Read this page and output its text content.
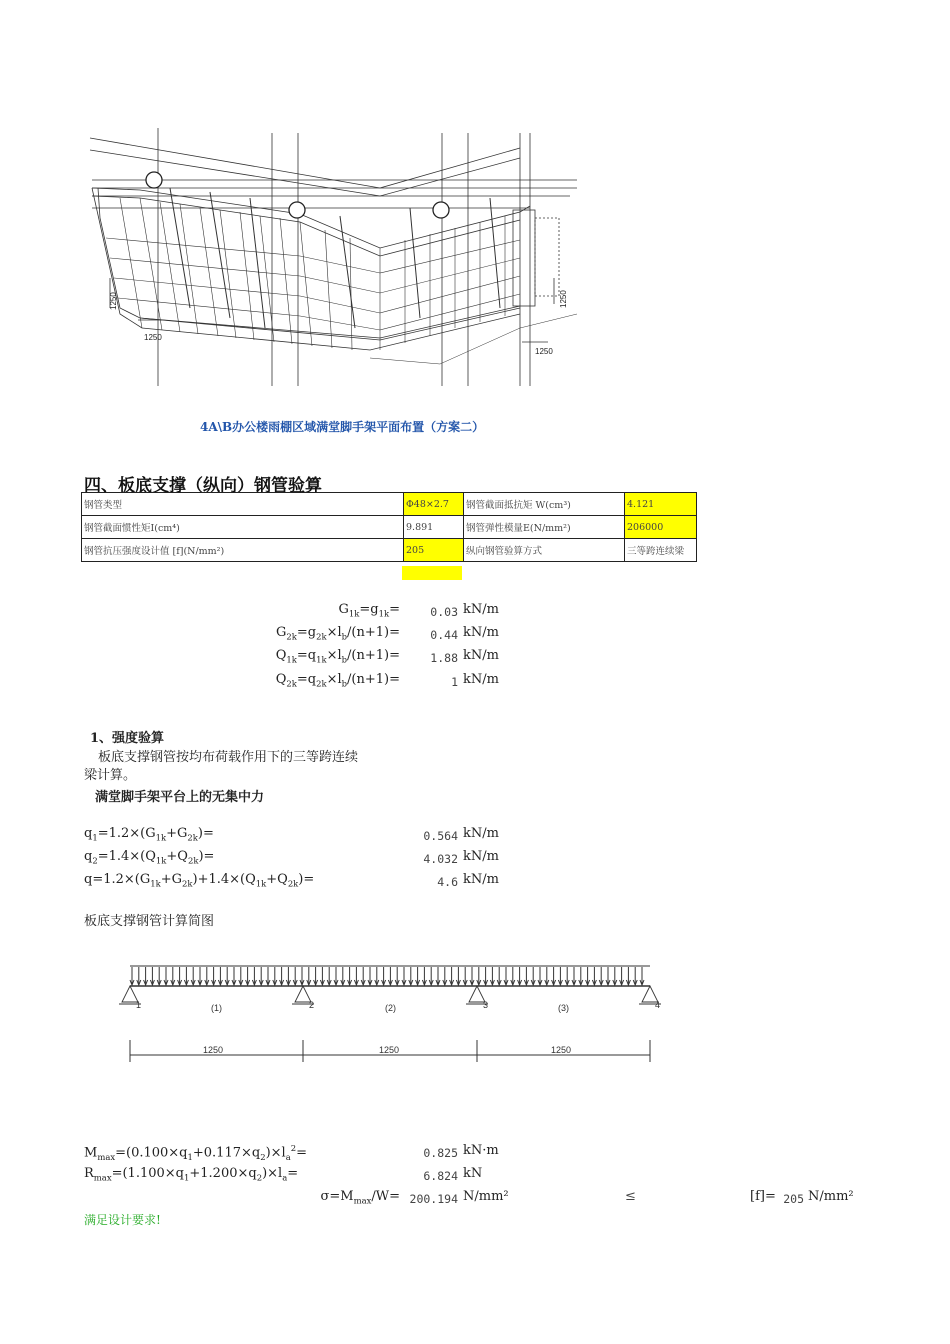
1250
1250
1250	1250
4A\B办公楼雨棚区域满堂脚手架平面布置（方案二）
四、板底支撑（纵向）钢管验算
钢管类型	Φ48×2.7	钢管截面抵抗矩 W(cm³)	4.121
钢管截面惯性矩I(cm⁴)	9.891	钢管弹性模量E(N/mm²)	206000
钢管抗压强度设计值 [f](N/mm²)	205	纵向钢管验算方式	三等跨连续梁
$G_{1k}=g_{1k}=$	0.03 kN/m
$G_{2k}=g_{2k}\times l_b/(n+1)=$	0.44 kN/m
$Q_{1k}=q_{1k}\times l_b/(n+1)=$	1.88 kN/m
$Q_{2k}=q_{2k}\times l_b/(n+1)=$	1 kN/m
1、强度验算
板底支撑钢管按均布荷载作用下的三等跨连续
梁计算。
满堂脚手架平台上的无集中力
$q_1=1.2\times(G_{1k}+G_{2k})=$	0.564 kN/m
$q_2=1.4\times(Q_{1k}+Q_{2k})=$	4.032 kN/m
$q=1.2\times(G_{1k}+G_{2k})+1.4\times(Q_{1k}+Q_{2k})=$	4.6 kN/m
板底支撑钢管计算简图
1	2	3	4
(1)	(2)	(3)
1250	1250	1250
$M_{max}=(0.100\times q_1+0.117\times q_2)\times l_a^2=$	0.825 kN·m
$R_{max}=(1.100\times q_1+1.200\times q_2)\times l_a=$	6.824 kN
$\sigma=M_{max}/W= 200.194$ N/mm²	≤	[f]= 205 N/mm²
满足设计要求!
